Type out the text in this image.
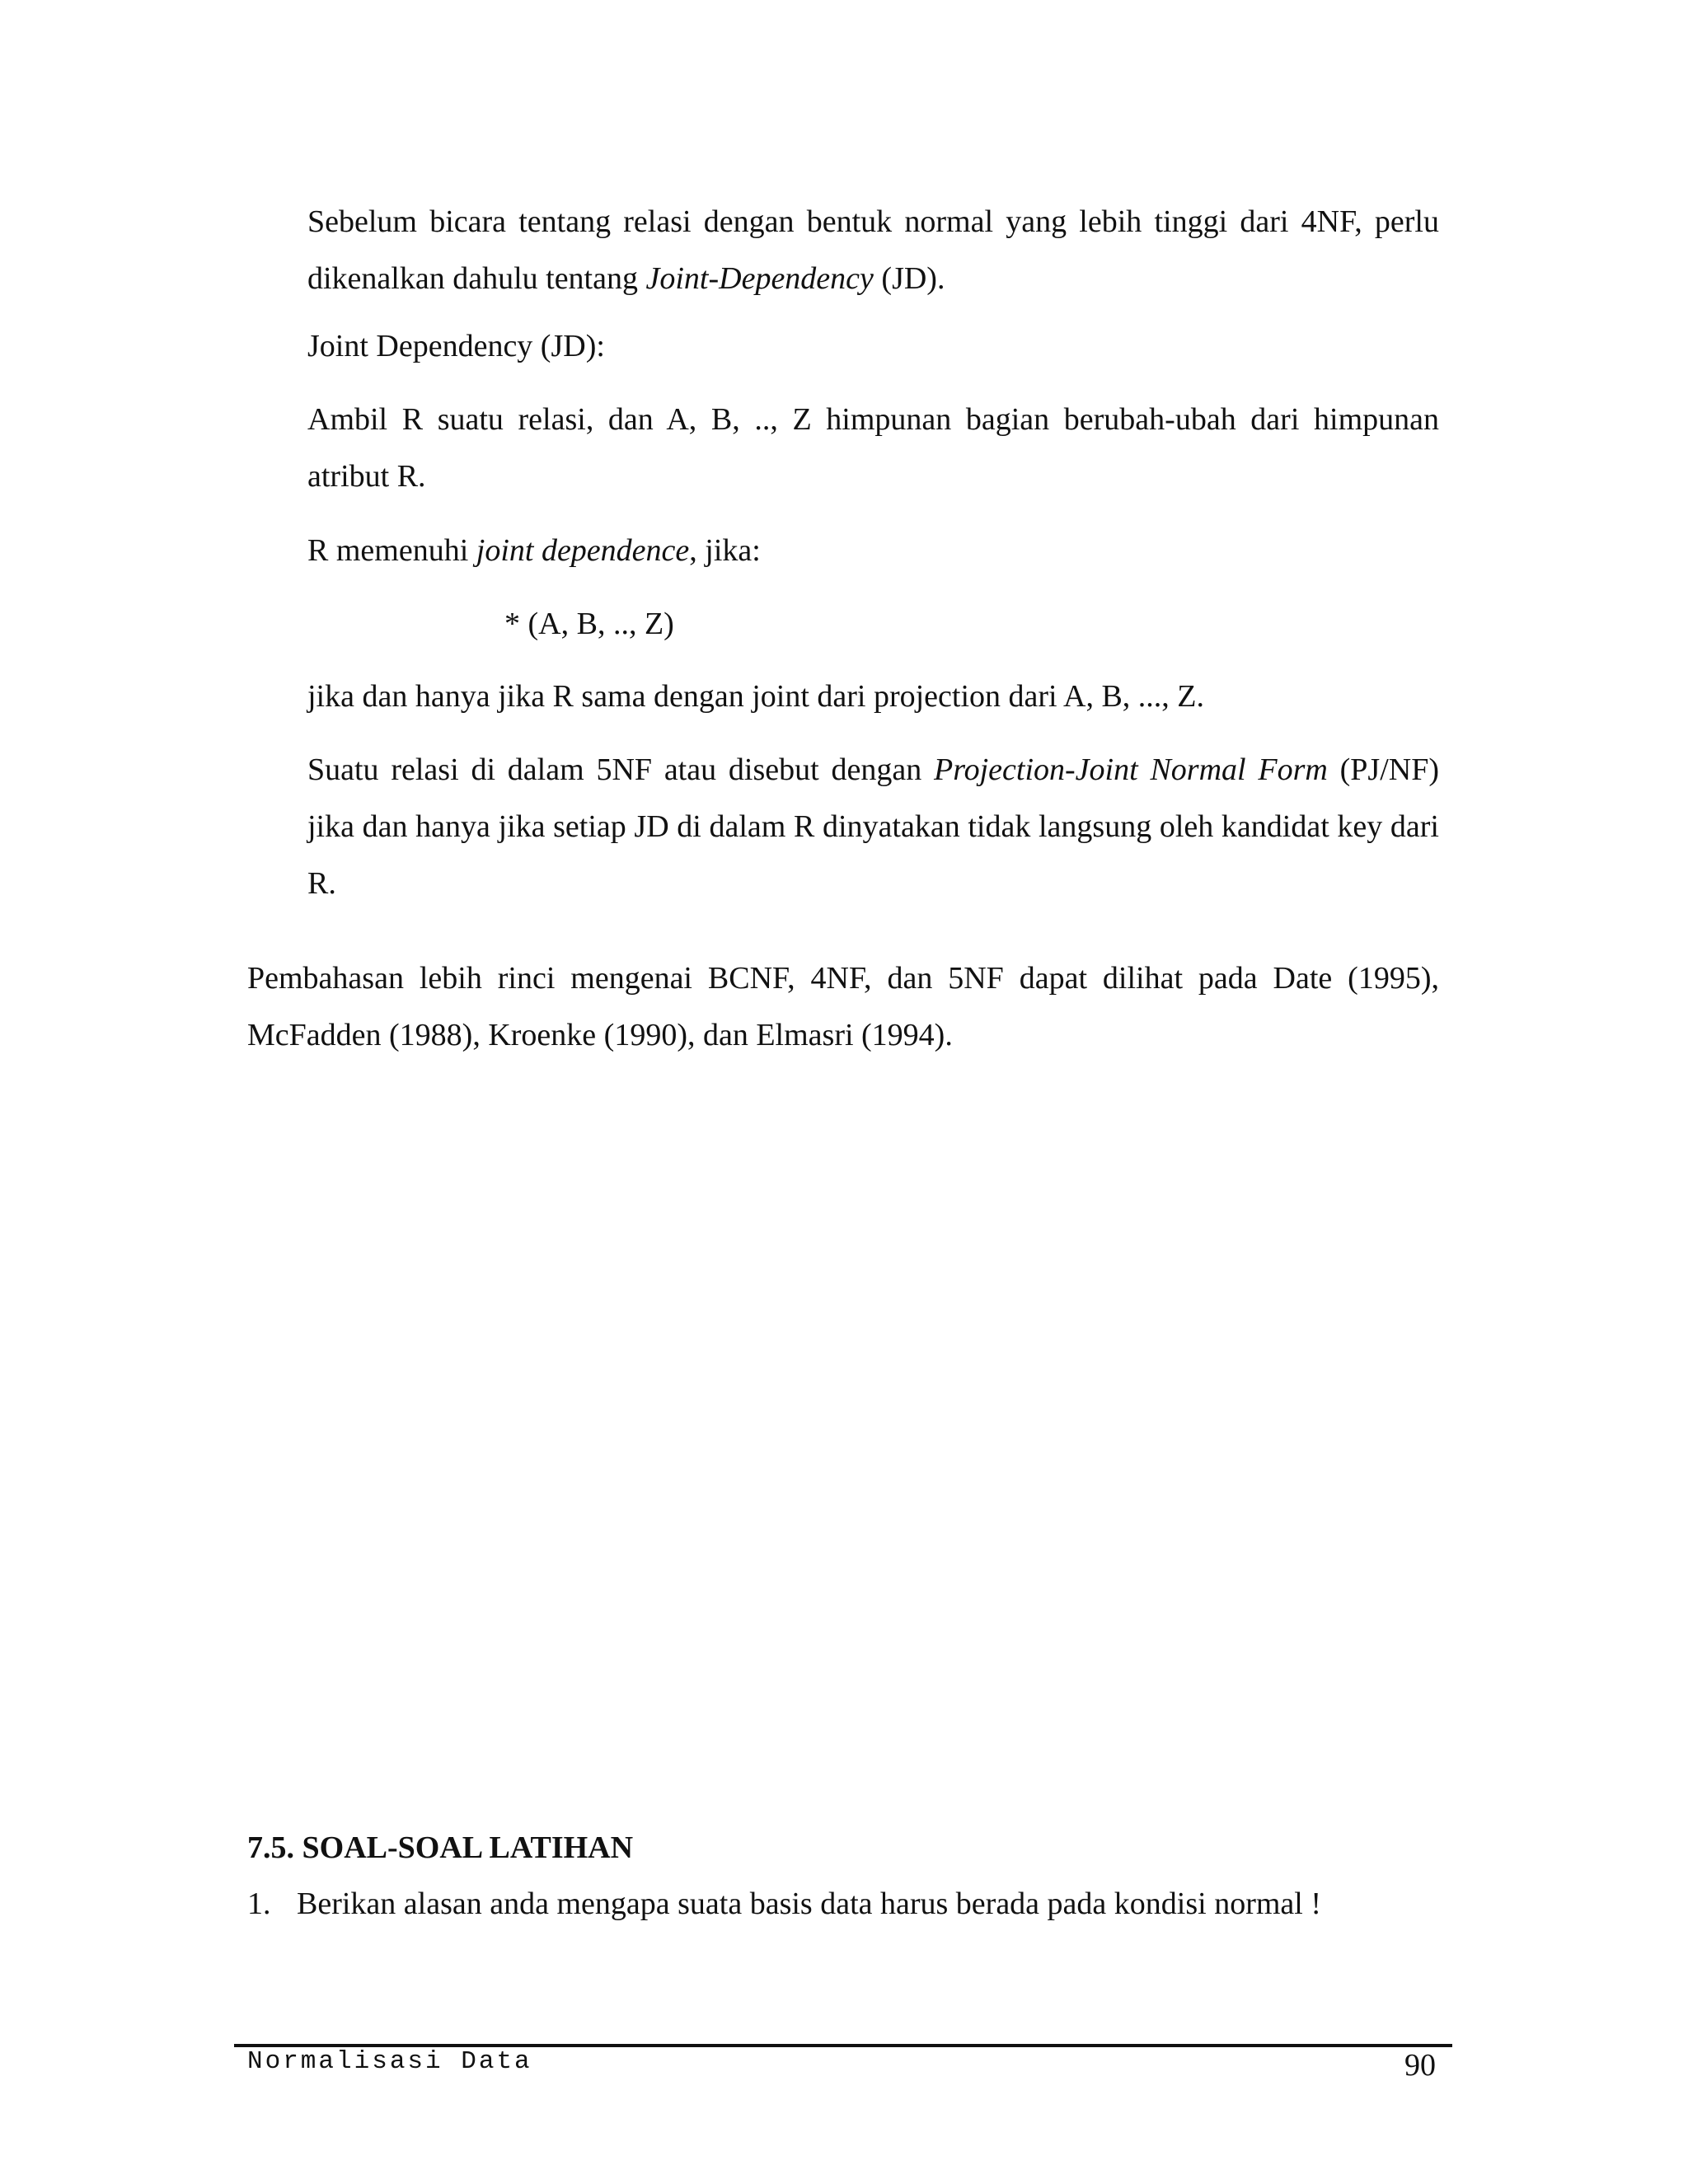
Sebelum bicara tentang relasi dengan bentuk normal yang lebih tinggi dari 4NF, perlu dikenalkan dahulu tentang Joint-Dependency (JD).

Joint Dependency (JD):

Ambil R suatu relasi, dan A, B, .., Z himpunan bagian berubah-ubah dari himpunan atribut R.

R memenuhi joint dependence, jika:

* (A, B, .., Z)

jika dan hanya jika R sama dengan joint dari projection dari A, B, ..., Z.

Suatu relasi di dalam 5NF atau disebut dengan Projection-Joint Normal Form (PJ/NF) jika dan hanya jika setiap JD di dalam R dinyatakan tidak langsung oleh kandidat key dari R.

Pembahasan lebih rinci mengenai BCNF, 4NF, dan 5NF dapat dilihat pada Date (1995), McFadden (1988), Kroenke (1990), dan Elmasri (1994).

7.5. SOAL-SOAL LATIHAN

1. Berikan alasan anda mengapa suata basis data harus berada pada kondisi normal !

Normalisasi Data	90
